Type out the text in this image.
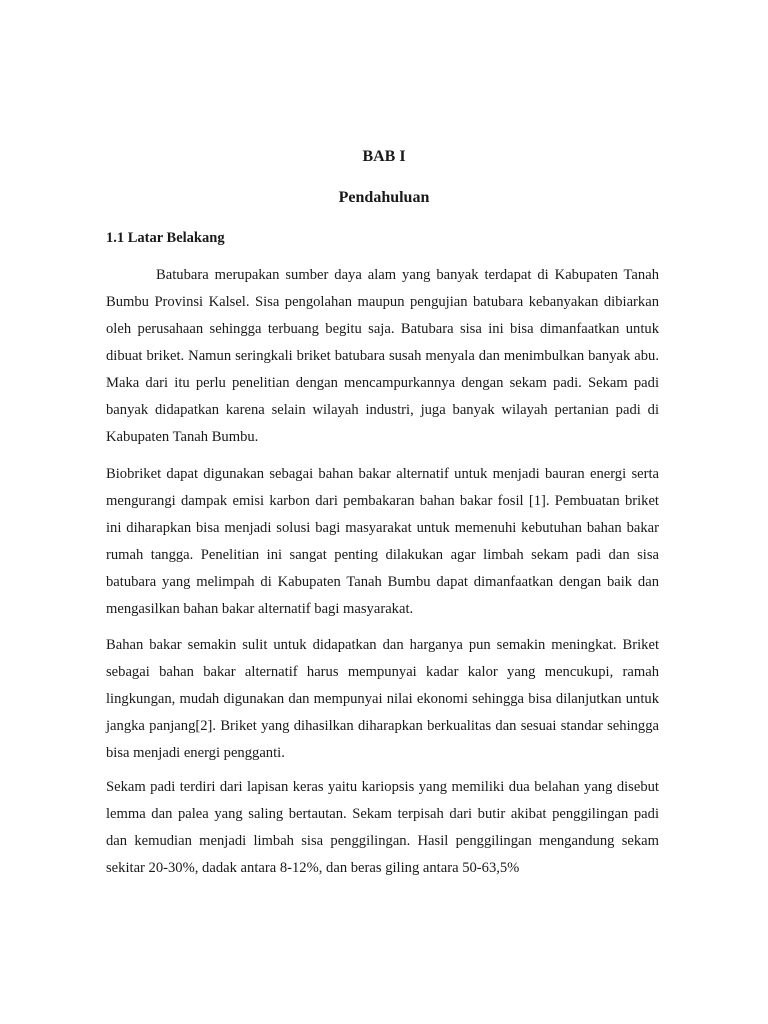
BAB I
Pendahuluan
1.1 Latar Belakang

Batubara merupakan sumber daya alam yang banyak terdapat di Kabupaten Tanah Bumbu Provinsi Kalsel. Sisa pengolahan maupun pengujian batubara kebanyakan dibiarkan oleh perusahaan sehingga terbuang begitu saja. Batubara sisa ini bisa dimanfaatkan untuk dibuat briket. Namun seringkali briket batubara susah menyala dan menimbulkan banyak abu. Maka dari itu perlu penelitian dengan mencampurkannya dengan sekam padi. Sekam padi banyak didapatkan karena selain wilayah industri, juga banyak wilayah pertanian padi di Kabupaten Tanah Bumbu.

Biobriket dapat digunakan sebagai bahan bakar alternatif untuk menjadi bauran energi serta mengurangi dampak emisi karbon dari pembakaran bahan bakar fosil [1]. Pembuatan briket ini diharapkan bisa menjadi solusi bagi masyarakat untuk memenuhi kebutuhan bahan bakar rumah tangga. Penelitian ini sangat penting dilakukan agar limbah sekam padi dan sisa batubara yang melimpah di Kabupaten Tanah Bumbu dapat dimanfaatkan dengan baik dan mengasilkan bahan bakar alternatif bagi masyarakat.

Bahan bakar semakin sulit untuk didapatkan dan harganya pun semakin meningkat. Briket sebagai bahan bakar alternatif harus mempunyai kadar kalor yang mencukupi, ramah lingkungan, mudah digunakan dan mempunyai nilai ekonomi sehingga bisa dilanjutkan untuk jangka panjang[2]. Briket yang dihasilkan diharapkan berkualitas dan sesuai standar sehingga bisa menjadi energi pengganti.

Sekam padi terdiri dari lapisan keras yaitu kariopsis yang memiliki dua belahan yang disebut lemma dan palea yang saling bertautan. Sekam terpisah dari butir akibat penggilingan padi dan kemudian menjadi limbah sisa penggilingan. Hasil penggilingan mengandung sekam sekitar 20-30%, dadak antara 8-12%, dan beras giling antara 50-63,5%
